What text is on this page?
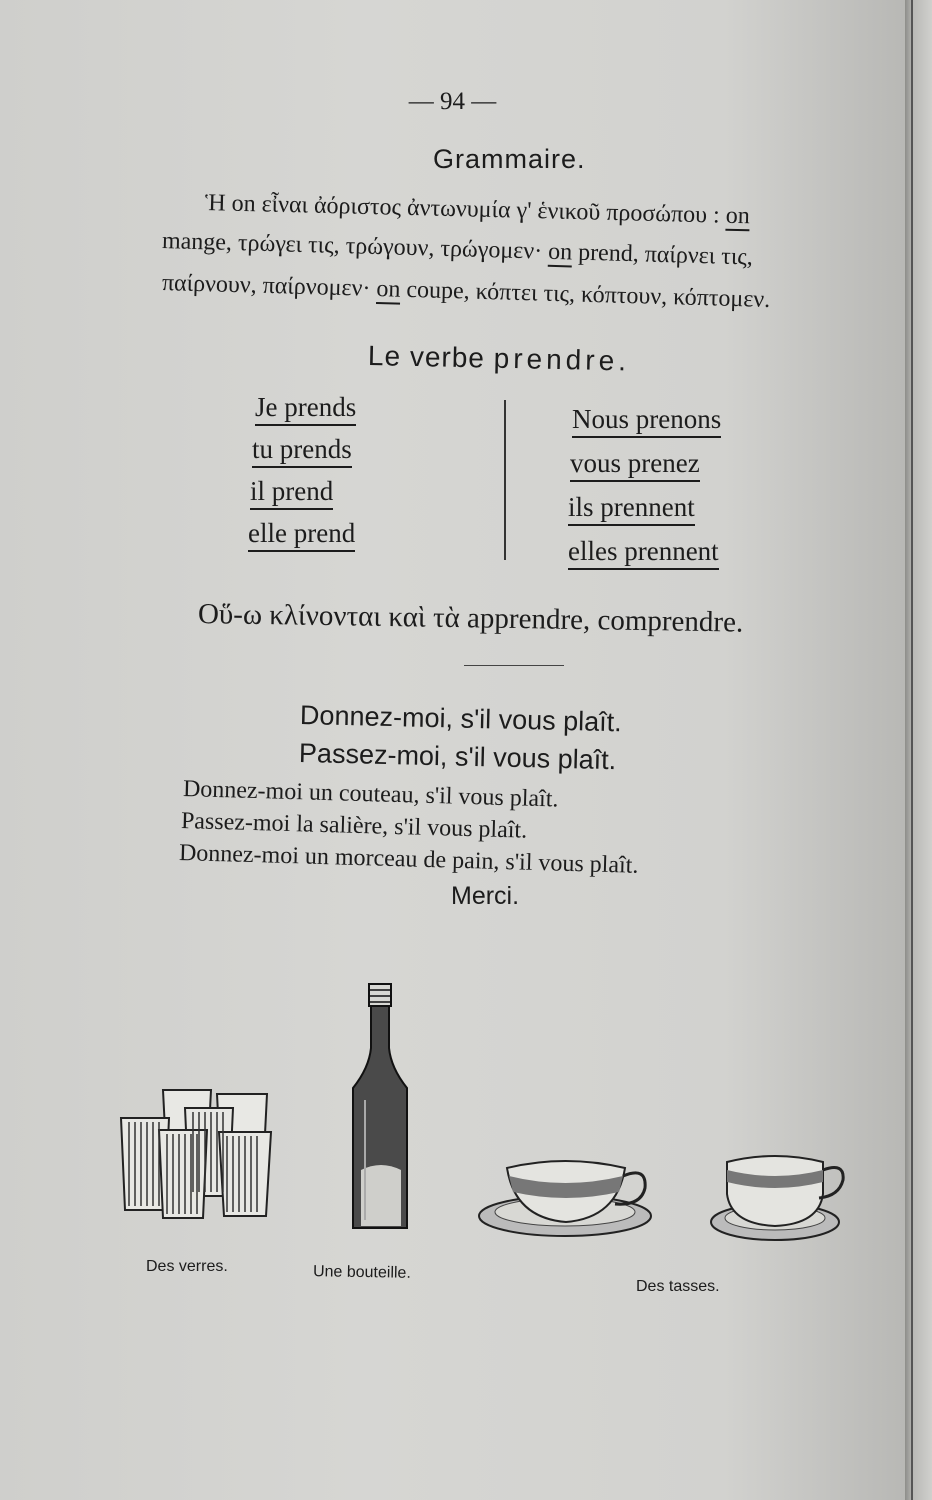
— 94 —
Grammaire.
Ἡ on εἶναι ἀόριστος ἀντωνυμία γ' ἑνικοῦ προσώπου : on
mange, τρώγει τις, τρώγουν, τρώγομεν· on prend, παίρνει τις,
παίρνουν, παίρνομεν· on coupe, κόπτει τις, κόπτουν, κόπτομεν.
Le verbe prendre.
Je prends
tu prends
il prend
elle prend
Nous prenons
vous prenez
ils prennent
elles prennent
Οὕ-ω κλίνονται καὶ τὰ apprendre, comprendre.
Donnez-moi, s'il vous plaît.
Passez-moi, s'il vous plaît.
Donnez-moi un couteau, s'il vous plaît.
Passez-moi la salière, s'il vous plaît.
Donnez-moi un morceau de pain, s'il vous plaît.
Merci.
Des verres.	Une bouteille.
Des tasses.
